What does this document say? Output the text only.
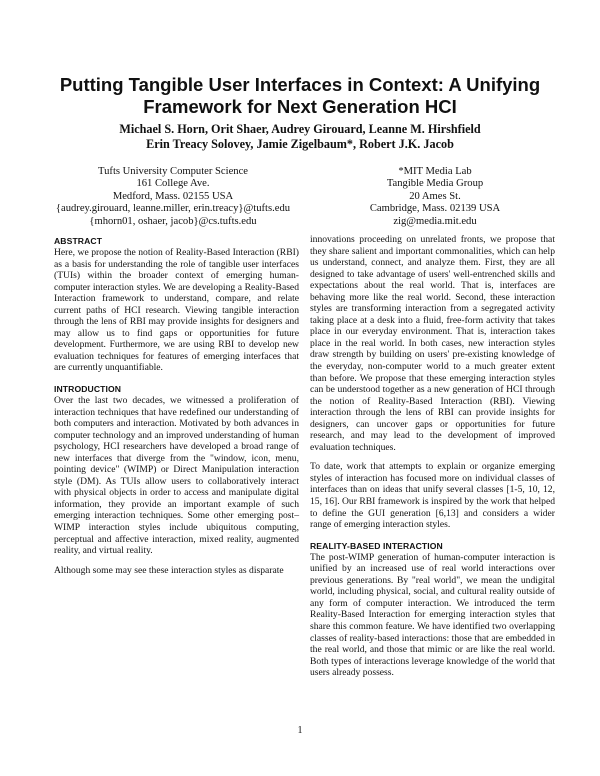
Putting Tangible User Interfaces in Context: A Unifying
Framework for Next Generation HCI
Michael S. Horn, Orit Shaer, Audrey Girouard, Leanne M. Hirshfield
Erin Treacy Solovey, Jamie Zigelbaum*, Robert J.K. Jacob
Tufts University Computer Science
161 College Ave.
Medford, Mass. 02155 USA
{audrey.girouard, leanne.miller, erin.treacy}@tufts.edu
{mhorn01, oshaer, jacob}@cs.tufts.edu
*MIT Media Lab
Tangible Media Group
20 Ames St.
Cambridge, Mass. 02139 USA
zig@media.mit.edu
ABSTRACT

Here, we propose the notion of Reality-Based Interaction (RBI) as a basis for understanding the role of tangible user interfaces (TUIs) within the broader context of emerging human-computer interaction styles. We are developing a Reality-Based Interaction framework to understand, compare, and relate current paths of HCI research. Viewing tangible interaction through the lens of RBI may provide insights for designers and may allow us to find gaps or opportunities for future development. Furthermore, we are using RBI to develop new evaluation techniques for features of emerging interfaces that are currently unquantifiable.

INTRODUCTION

Over the last two decades, we witnessed a proliferation of interaction techniques that have redefined our understanding of both computers and interaction. Motivated by both advances in computer technology and an improved understanding of human psychology, HCI researchers have developed a broad range of new interfaces that diverge from the "window, icon, menu, pointing device" (WIMP) or Direct Manipulation interaction style (DM). As TUIs allow users to collaboratively interact with physical objects in order to access and manipulate digital information, they provide an important example of such emerging interaction techniques. Some other emerging post–WIMP interaction styles include ubiquitous computing, perceptual and affective interaction, mixed reality, augmented reality, and virtual reality.

Although some may see these interaction styles as disparate

innovations proceeding on unrelated fronts, we propose that they share salient and important commonalities, which can help us understand, connect, and analyze them. First, they are all designed to take advantage of users' well-entrenched skills and expectations about the real world. That is, interfaces are behaving more like the real world. Second, these interaction styles are transforming interaction from a segregated activity taking place at a desk into a fluid, free-form activity that takes place in our everyday environment. That is, interaction takes place in the real world. In both cases, new interaction styles draw strength by building on users' pre-existing knowledge of the everyday, non-computer world to a much greater extent than before. We propose that these emerging interaction styles can be understood together as a new generation of HCI through the notion of Reality-Based Interaction (RBI). Viewing interaction through the lens of RBI can provide insights for designers, can uncover gaps or opportunities for future research, and may lead to the development of improved evaluation techniques.

To date, work that attempts to explain or organize emerging styles of interaction has focused more on individual classes of interfaces than on ideas that unify several classes [1-5, 10, 12, 15, 16]. Our RBI framework is inspired by the work that helped to define the GUI generation [6,13] and considers a wider range of emerging interaction styles.

REALITY-BASED INTERACTION

The post-WIMP generation of human-computer interaction is unified by an increased use of real world interactions over previous generations. By "real world", we mean the undigital world, including physical, social, and cultural reality outside of any form of computer interaction. We introduced the term Reality-Based Interaction for emerging interaction styles that share this common feature. We have identified two overlapping classes of reality-based interactions: those that are embedded in the real world, and those that mimic or are like the real world. Both types of interactions leverage knowledge of the world that users already possess.

1
